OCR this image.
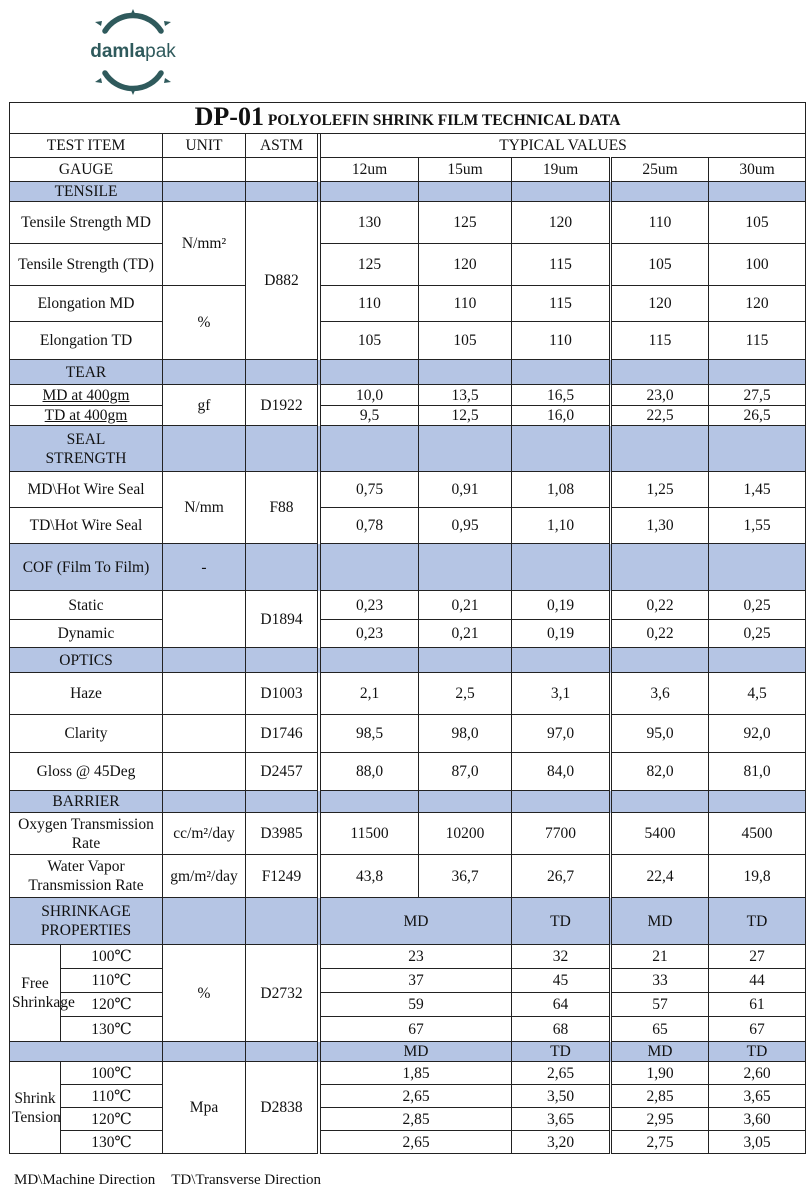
damlapak
DP-01 POLYOLEFIN SHRINK FILM TECHNICAL DATA									
TEST ITEM		UNIT	ASTM		TYPICAL VALUES				
GAUGE					12um	15um	19um	25um	30um
TENSILE									
Tensile Strength MD		N/mm²	D882		130	125	120	110	105
Tensile Strength (TD)					125	120	115	105	100
Elongation MD		%			110	110	115	120	120
Elongation TD					105	105	110	115	115
TEAR									
MD at 400gm		gf	D1922		10,0	13,5	16,5	23,0	27,5
TD at 400gm					9,5	12,5	16,0	22,5	26,5
SEAL
STRENGTH									
MD\Hot Wire Seal		N/mm	F88		0,75	0,91	1,08	1,25	1,45
TD\Hot Wire Seal					0,78	0,95	1,10	1,30	1,55
COF (Film To Film)		-							
Static			D1894		0,23	0,21	0,19	0,22	0,25
Dynamic					0,23	0,21	0,19	0,22	0,25
OPTICS									
Haze			D1003		2,1	2,5	3,1	3,6	4,5
Clarity			D1746		98,5	98,0	97,0	95,0	92,0
Gloss @ 45Deg			D2457		88,0	87,0	84,0	82,0	81,0
BARRIER									
Oxygen Transmission Rate		cc/m²/day	D3985		11500	10200	7700	5400	4500
Water Vapor Transmission Rate		gm/m²/day	F1249		43,8	36,7	26,7	22,4	19,8
SHRINKAGE PROPERTIES					MD		TD	MD	TD
Free Shrinkage	100℃	%	D2732		23		32	21	27
	110℃				37		45	33	44
	120℃				59		64	57	61
	130℃				67		68	65	67
					MD		TD	MD	TD
Shrink Tension	100℃	Mpa	D2838		1,85		2,65	1,90	2,60
	110℃				2,65		3,50	2,85	3,65
	120℃				2,85		3,65	2,95	3,60
	130℃				2,65		3,20	2,75	3,05
MD\Machine Direction TD\Transverse Direction
